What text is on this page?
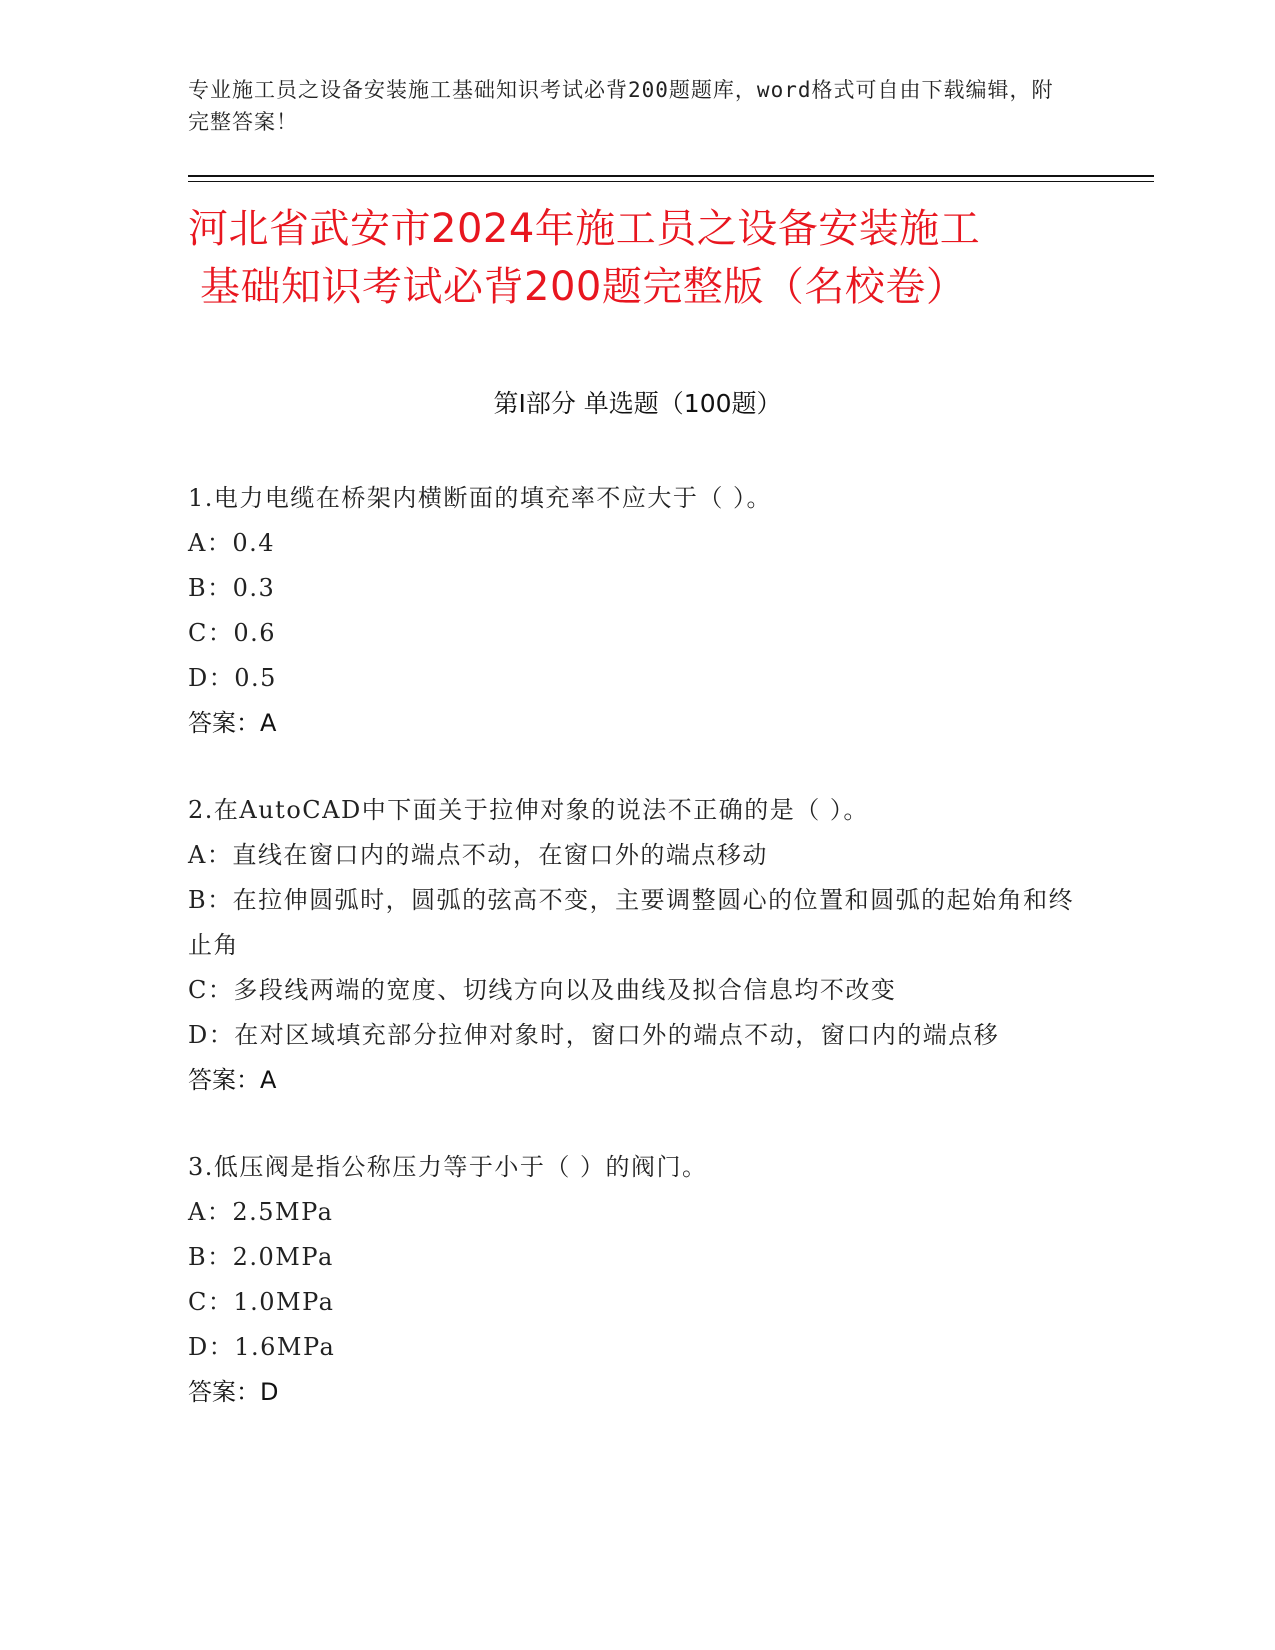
专业施工员之设备安装施工基础知识考试必背200题题库，word格式可自由下载编辑，附完整答案！
河北省武安市2024年施工员之设备安装施工
基础知识考试必背200题完整版（名校卷）
第I部分 单选题（100题）
1.电力电缆在桥架内横断面的填充率不应大于（ ）。
A：0.4
B：0.3
C：0.6
D：0.5
答案：A
2.在AutoCAD中下面关于拉伸对象的说法不正确的是（ ）。
A：直线在窗口内的端点不动，在窗口外的端点移动
B：在拉伸圆弧时，圆弧的弦高不变，主要调整圆心的位置和圆弧的起始角和终止角
C：多段线两端的宽度、切线方向以及曲线及拟合信息均不改变
D：在对区域填充部分拉伸对象时，窗口外的端点不动，窗口内的端点移
答案：A
3.低压阀是指公称压力等于小于（ ）的阀门。
A：2.5MPa
B：2.0MPa
C：1.0MPa
D：1.6MPa
答案：D
